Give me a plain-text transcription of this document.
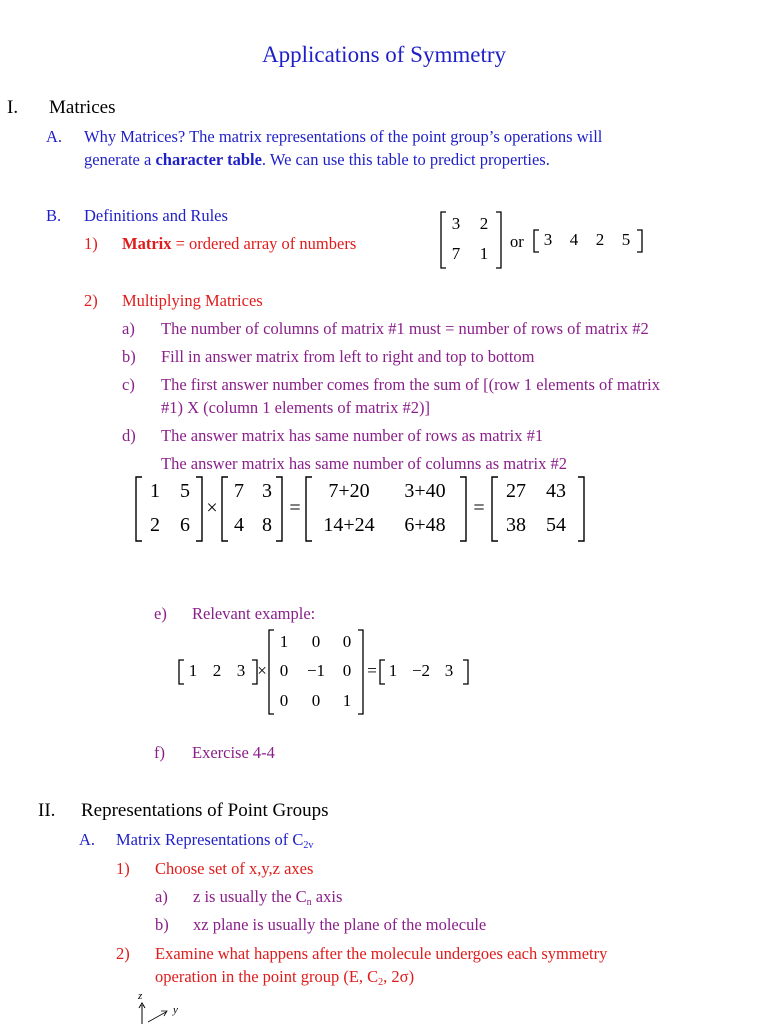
Applications of Symmetry
I. Matrices
A. Why Matrices? The matrix representations of the point group’s operations will
generate a character table. We can use this table to predict properties.
B. Definitions and Rules
1) Matrix = ordered array of numbers
3	2
7	1
or	3	4	2	5
2) Multiplying Matrices
a) The number of columns of matrix #1 must = number of rows of matrix #2
b) Fill in answer matrix from left to right and top to bottom
c) The first answer number comes from the sum of [(row 1 elements of matrix
#1) X (column 1 elements of matrix #2)]
d) The answer matrix has same number of rows as matrix #1
The answer matrix has same number of columns as matrix #2
1	5
2	6
×
7 3
4 8
=
7+20	3+40
14+24	6+48
=
27	43
38	54
e) Relevant example:
1 2 3 ×
1	0	0
0	−1	0
0	0	1
= 1 −2 3
f) Exercise 4-4
II. Representations of Point Groups
A. Matrix Representations of $C_{2v}$
1) Choose set of x,y,z axes
a) z is usually the $C_n$ axis
b) xz plane is usually the plane of the molecule
2) Examine what happens after the molecule undergoes each symmetry
operation in the point group (E, $C_2$, 2σ)
z
y
